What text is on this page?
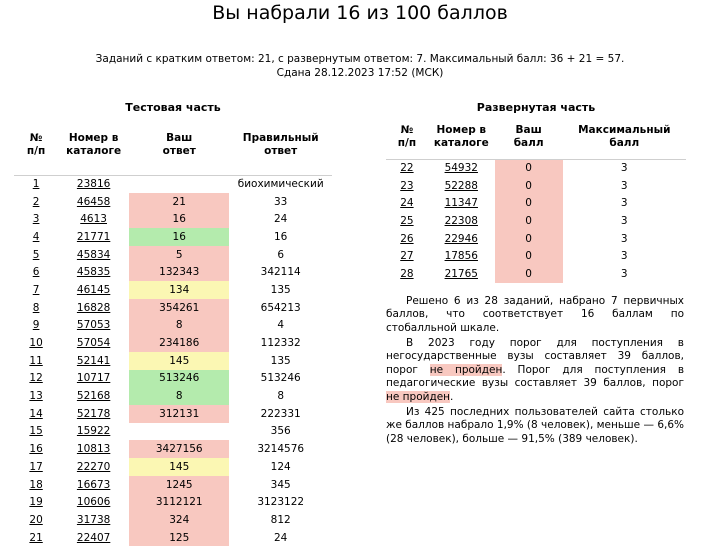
Вы набрали 16 из 100 баллов
Заданий с кратким ответом: 21, с развернутым ответом: 7. Максимальный балл: 36 + 21 = 57.
Сдана 28.12.2023 17:52 (МСК)
Тестовая часть
№ п/п	Номер в каталоге	Ваш ответ	Правильный ответ
1	23816		биохимический
2	46458	21	33
3	4613	16	24
4	21771	16	16
5	45834	5	6
6	45835	132343	342114
7	46145	134	135
8	16828	354261	654213
9	57053	8	4
10	57054	234186	112332
11	52141	145	135
12	10717	513246	513246
13	52168	8	8
14	52178	312131	222331
15	15922		356
16	10813	3427156	3214576
17	22270	145	124
18	16673	1245	345
19	10606	3112121	3123122
20	31738	324	812
21	22407	125	24
Развернутая часть
№ п/п	Номер в каталоге	Ваш балл	Максимальный балл
22	54932	0	3
23	52288	0	3
24	11347	0	3
25	22308	0	3
26	22946	0	3
27	17856	0	3
28	21765	0	3

Решено 6 из 28 заданий, набрано 7 первичных баллов, что соответствует 16 баллам по стобалльной шкале.

В 2023 году порог для поступления в негосударственные вузы составляет 39 баллов, порог не пройден. Порог для поступления в педагогические вузы составляет 39 баллов, порог не пройден.

Из 425 последних пользователей сайта столько же баллов набрало 1,9% (8 человек), меньше — 6,6% (28 человек), больше — 91,5% (389 человек).
